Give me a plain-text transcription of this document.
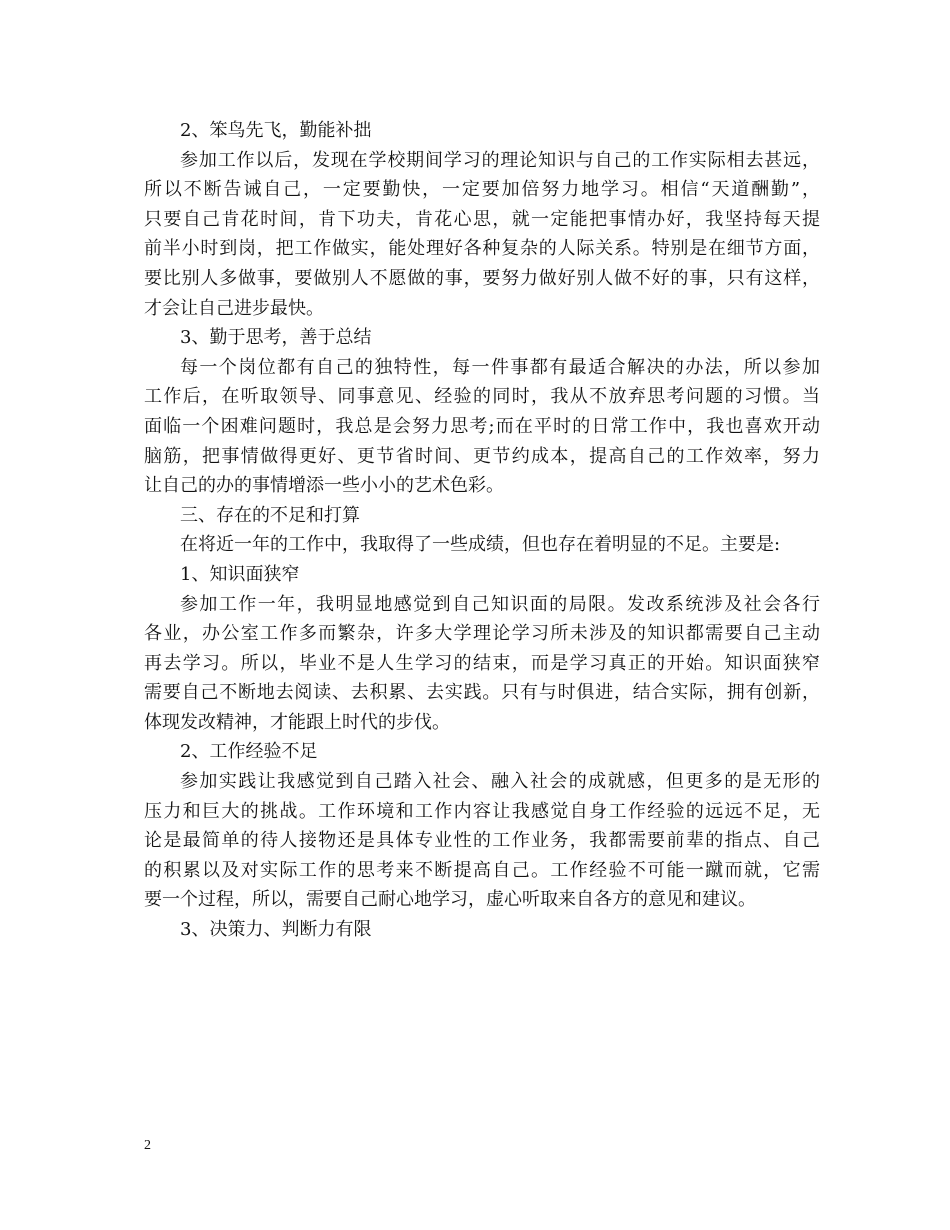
2、笨鸟先飞，勤能补拙
参加工作以后，发现在学校期间学习的理论知识与自己的工作实际相去甚远，
所以不断告诫自己，一定要勤快，一定要加倍努力地学习。相信“天道酬勤”，
只要自己肯花时间，肯下功夫，肯花心思，就一定能把事情办好，我坚持每天提
前半小时到岗，把工作做实，能处理好各种复杂的人际关系。特别是在细节方面，
要比别人多做事，要做别人不愿做的事，要努力做好别人做不好的事，只有这样，
才会让自己进步最快。
3、勤于思考，善于总结
每一个岗位都有自己的独特性，每一件事都有最适合解决的办法，所以参加
工作后，在听取领导、同事意见、经验的同时，我从不放弃思考问题的习惯。当
面临一个困难问题时，我总是会努力思考;而在平时的日常工作中，我也喜欢开动
脑筋，把事情做得更好、更节省时间、更节约成本，提高自己的工作效率，努力
让自己的办的事情增添一些小小的艺术色彩。
三、存在的不足和打算
在将近一年的工作中，我取得了一些成绩，但也存在着明显的不足。主要是:
1、知识面狭窄
参加工作一年，我明显地感觉到自己知识面的局限。发改系统涉及社会各行
各业，办公室工作多而繁杂，许多大学理论学习所未涉及的知识都需要自己主动
再去学习。所以，毕业不是人生学习的结束，而是学习真正的开始。知识面狭窄
需要自己不断地去阅读、去积累、去实践。只有与时俱进，结合实际，拥有创新，
体现发改精神，才能跟上时代的步伐。
2、工作经验不足
参加实践让我感觉到自己踏入社会、融入社会的成就感，但更多的是无形的
压力和巨大的挑战。工作环境和工作内容让我感觉自身工作经验的远远不足，无
论是最简单的待人接物还是具体专业性的工作业务，我都需要前辈的指点、自己
的积累以及对实际工作的思考来不断提高自己。工作经验不可能一蹴而就，它需
要一个过程，所以，需要自己耐心地学习，虚心听取来自各方的意见和建议。
3、决策力、判断力有限
2
